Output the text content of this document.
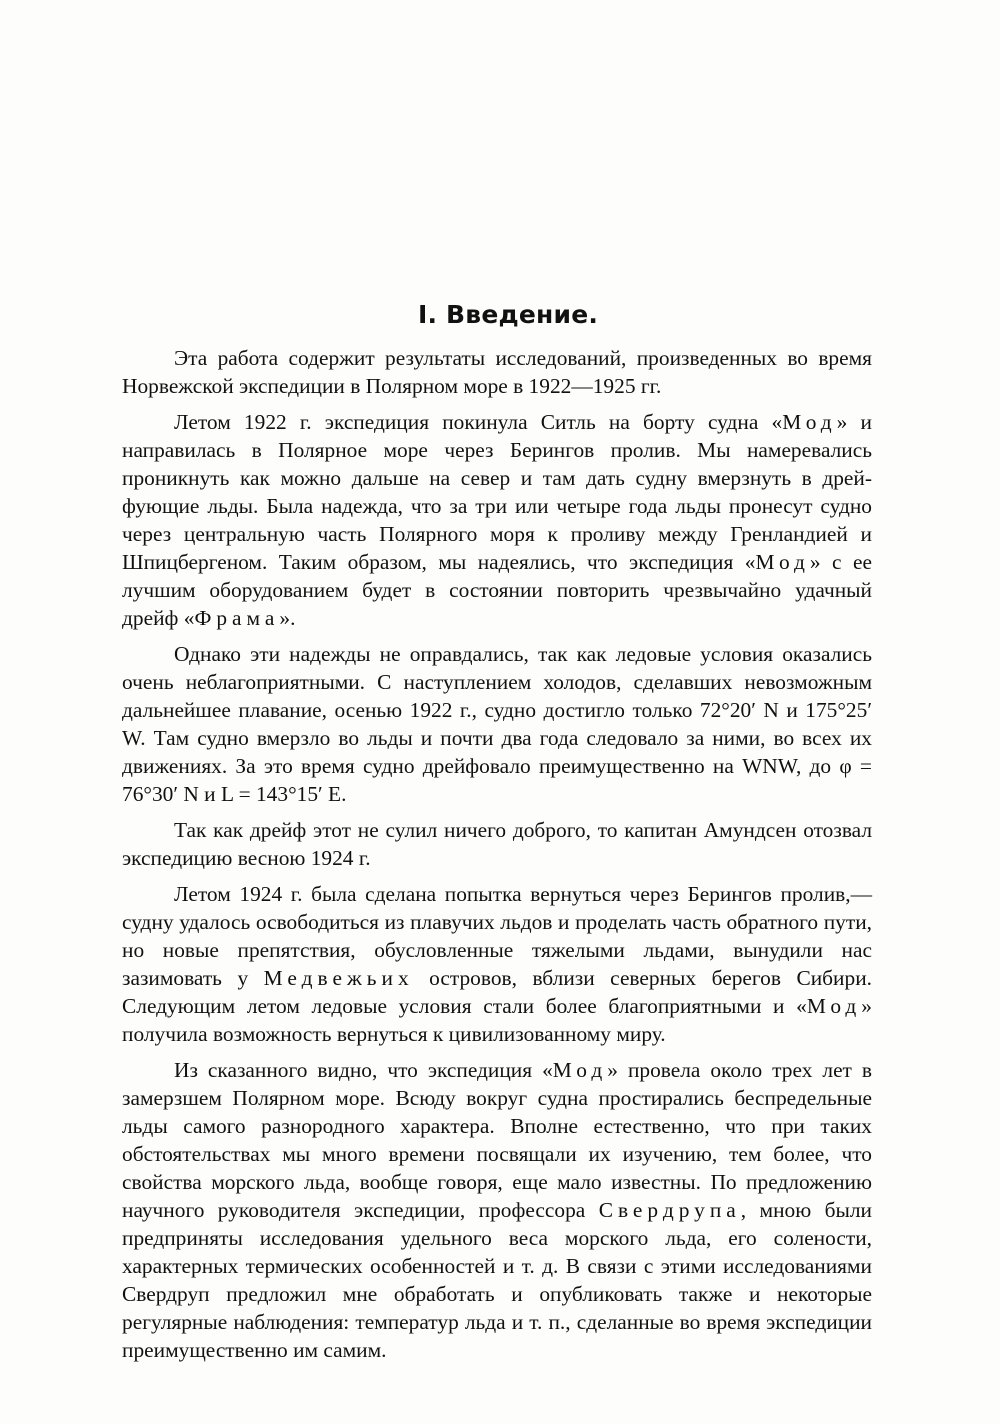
I. Введение.

Эта работа содержит результаты исследований, произведенных во время Норвежской экспедиции в Полярном море в 1922—1925 гг.

Летом 1922 г. экспедиция покинула Ситль на борту судна «Мод» и направилась в Полярное море через Берингов пролив. Мы намеревались проникнуть как можно дальше на север и там дать судну вмерзнуть в дрейфующие льды. Была надежда, что за три или четыре года льды пронесут судно через центральную часть Полярного моря к проливу между Гренландией и Шпицбергеном. Таким образом, мы надеялись, что экспедиция «Мод» с ее лучшим оборудованием будет в состоянии повторить чрезвычайно удачный дрейф «Фрама».

Однако эти надежды не оправдались, так как ледовые условия оказались очень неблагоприятными. С наступлением холодов, сделавших невозможным дальнейшее плавание, осенью 1922 г., судно достигло только 72°20′ N и 175°25′ W. Там судно вмерзло во льды и почти два года следовало за ними, во всех их движениях. За это время судно дрейфовало преимущественно на WNW, до φ = 76°30′ N и L = 143°15′ E.

Так как дрейф этот не сулил ничего доброго, то капитан Амундсен отозвал экспедицию весною 1924 г.

Летом 1924 г. была сделана попытка вернуться через Берингов пролив,— судну удалось освободиться из плавучих льдов и проделать часть обратного пути, но новые препятствия, обусловленные тяжелыми льдами, вынудили нас зазимовать у Медвежьих островов, вблизи северных берегов Сибири. Следующим летом ледовые условия стали более благоприятными и «Мод» получила возможность вернуться к цивилизованному миру.

Из сказанного видно, что экспедиция «Мод» провела около трех лет в замерзшем Полярном море. Всюду вокруг судна простирались беспредельные льды самого разнородного характера. Вполне естественно, что при таких обстоятельствах мы много времени посвящали их изучению, тем более, что свойства морского льда, вообще говоря, еще мало известны. По предложению научного руководителя экспедиции, профессора Свердрупа, мною были предприняты исследования удельного веса морского льда, его солености, характерных термических особенностей и т. д. В связи с этими исследованиями Свердруп предложил мне обработать и опубликовать также и некоторые регулярные наблюдения: температур льда и т. п., сделанные во время экспедиции преимущественно им самим.
